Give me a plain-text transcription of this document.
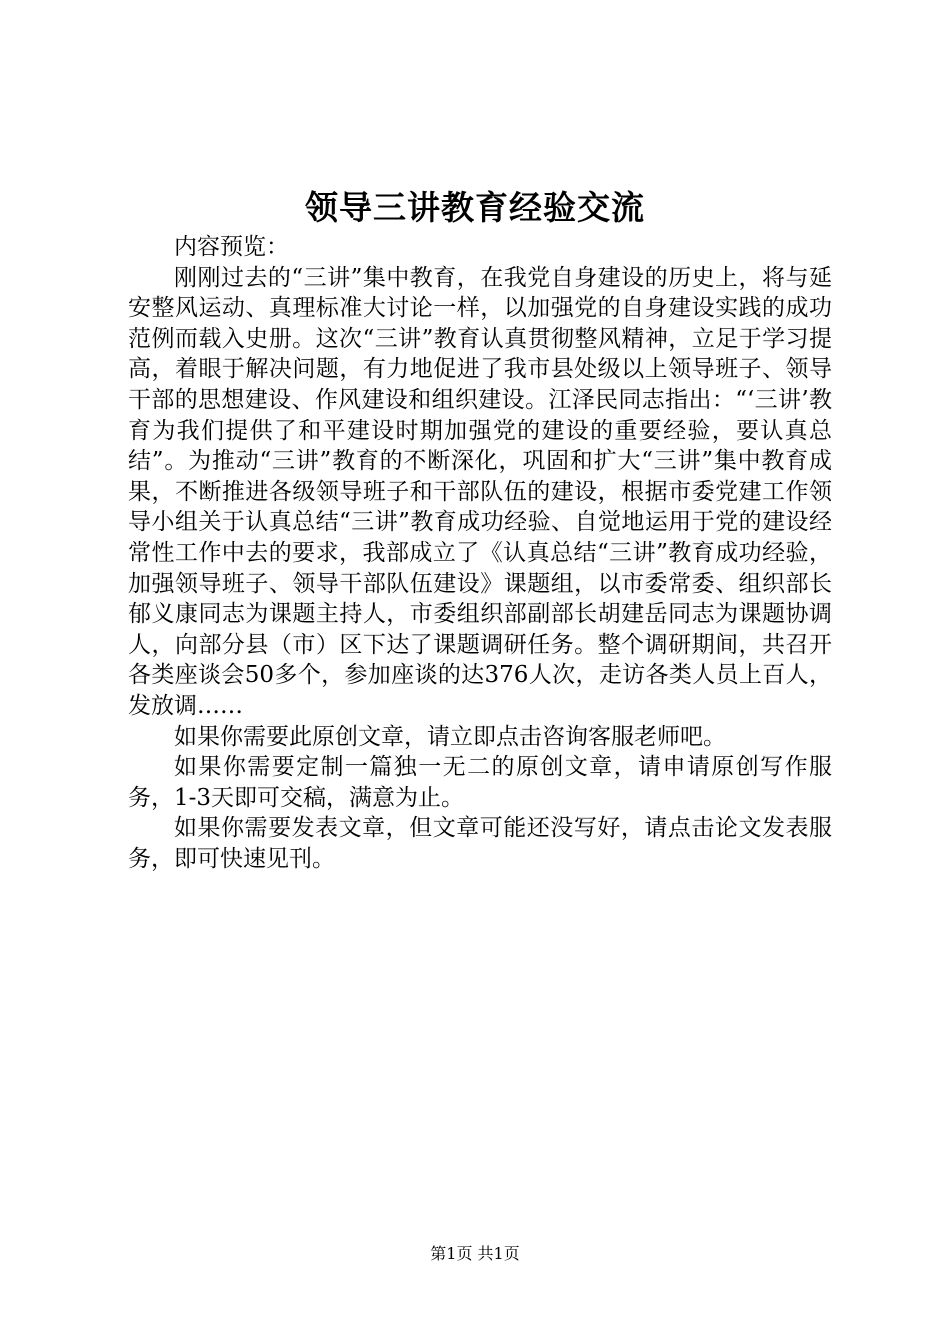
领导三讲教育经验交流

内容预览：

刚刚过去的“三讲”集中教育，在我党自身建设的历史上，将与延安整风运动、真理标准大讨论一样，以加强党的自身建设实践的成功范例而载入史册。这次“三讲”教育认真贯彻整风精神，立足于学习提高，着眼于解决问题，有力地促进了我市县处级以上领导班子、领导干部的思想建设、作风建设和组织建设。江泽民同志指出：“‘三讲’教育为我们提供了和平建设时期加强党的建设的重要经验，要认真总结”。为推动“三讲”教育的不断深化，巩固和扩大“三讲”集中教育成果，不断推进各级领导班子和干部队伍的建设，根据市委党建工作领导小组关于认真总结“三讲”教育成功经验、自觉地运用于党的建设经常性工作中去的要求，我部成立了《认真总结“三讲”教育成功经验，加强领导班子、领导干部队伍建设》课题组，以市委常委、组织部长郁义康同志为课题主持人，市委组织部副部长胡建岳同志为课题协调人，向部分县（市）区下达了课题调研任务。整个调研期间，共召开各类座谈会50多个，参加座谈的达376人次，走访各类人员上百人，发放调……

如果你需要此原创文章，请立即点击咨询客服老师吧。

如果你需要定制一篇独一无二的原创文章，请申请原创写作服务，1-3天即可交稿，满意为止。

如果你需要发表文章，但文章可能还没写好，请点击论文发表服务，即可快速见刊。

第1页 共1页
